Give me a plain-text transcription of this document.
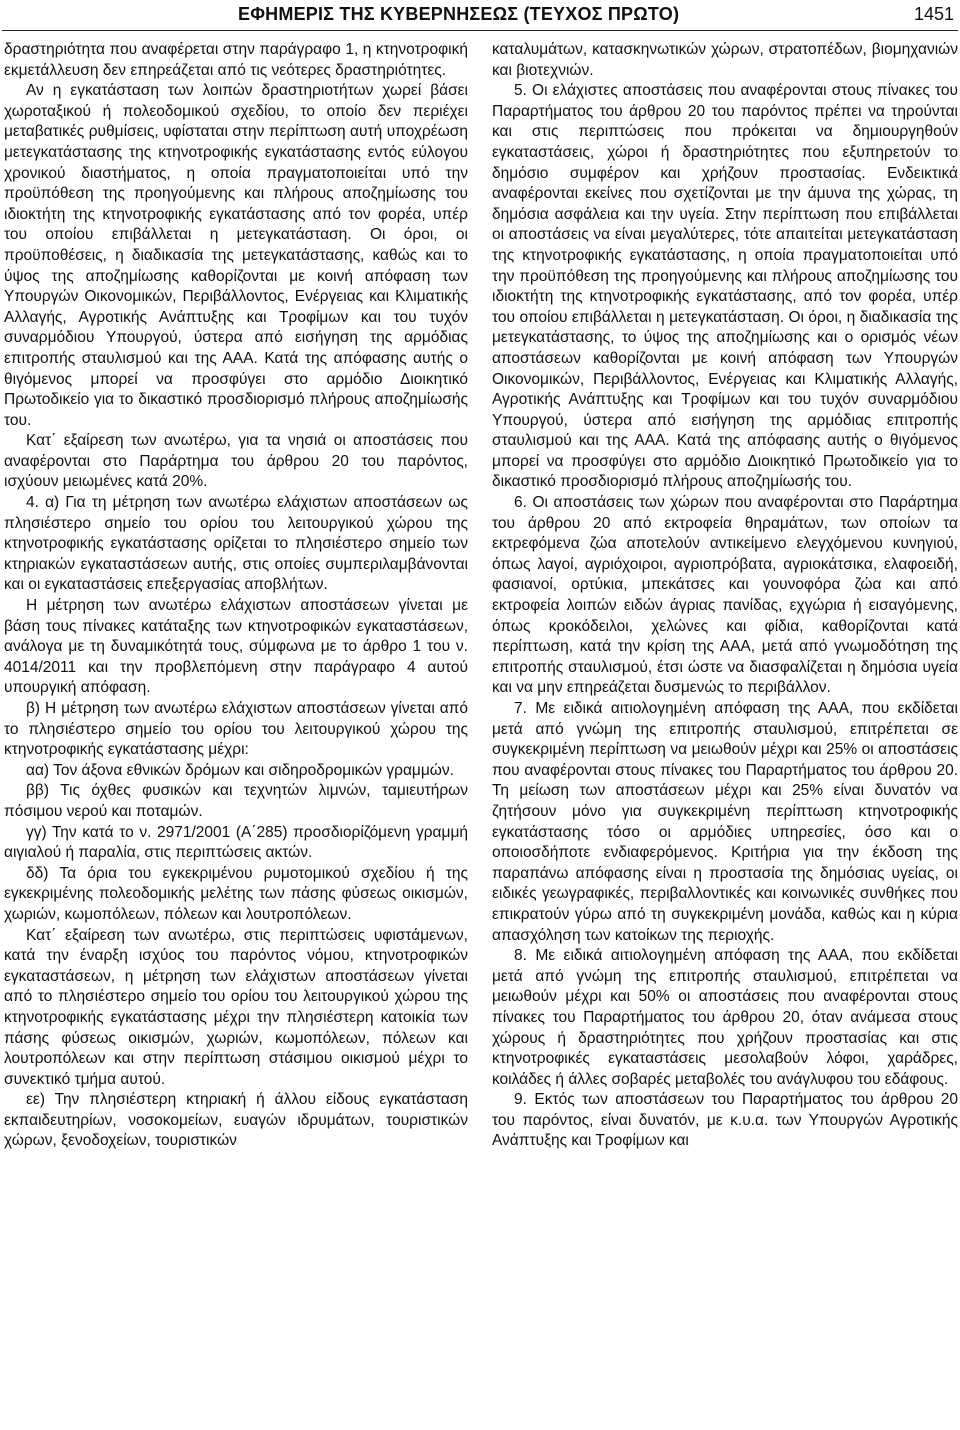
ΕΦΗΜΕΡΙΣ ΤΗΣ ΚΥΒΕΡΝΗΣΕΩΣ (ΤΕΥΧΟΣ ΠΡΩΤΟ)	1451

δραστηριότητα που αναφέρεται στην παράγραφο 1, η κτηνοτροφική εκμετάλλευση δεν επηρεάζεται από τις νεότερες δραστηριότητες.

Αν η εγκατάσταση των λοιπών δραστηριοτήτων χωρεί βάσει χωροταξικού ή πολεοδομικού σχεδίου, το οποίο δεν περιέχει μεταβατικές ρυθμίσεις, υφίσταται στην περίπτωση αυτή υποχρέωση μετεγκατάστασης της κτηνοτροφικής εγκατάστασης εντός εύλογου χρονικού διαστήματος, η οποία πραγματοποιείται υπό την προϋπόθεση της προηγούμενης και πλήρους αποζημίωσης του ιδιοκτήτη της κτηνοτροφικής εγκατάστασης από τον φορέα, υπέρ του οποίου επιβάλλεται η μετεγκατάσταση. Οι όροι, οι προϋποθέσεις, η διαδικασία της μετεγκατάστασης, καθώς και το ύψος της αποζημίωσης καθορίζονται με κοινή απόφαση των Υπουργών Οικονομικών, Περιβάλλοντος, Ενέργειας και Κλιματικής Αλλαγής, Αγροτικής Ανάπτυξης και Τροφίμων και του τυχόν συναρμόδιου Υπουργού, ύστερα από εισήγηση της αρμόδιας επιτροπής σταυλισμού και της ΑΑΑ. Κατά της απόφασης αυτής ο θιγόμενος μπορεί να προσφύγει στο αρμόδιο Διοικητικό Πρωτοδικείο για το δικαστικό προσδιορισμό πλήρους αποζημίωσής του.

Κατ΄ εξαίρεση των ανωτέρω, για τα νησιά οι αποστάσεις που αναφέρονται στο Παράρτημα του άρθρου 20 του παρόντος, ισχύουν μειωμένες κατά 20%.

4. α) Για τη μέτρηση των ανωτέρω ελάχιστων αποστάσεων ως πλησιέστερο σημείο του ορίου του λειτουργικού χώρου της κτηνοτροφικής εγκατάστασης ορίζεται το πλησιέστερο σημείο των κτηριακών εγκαταστάσεων αυτής, στις οποίες συμπεριλαμβάνονται και οι εγκαταστάσεις επεξεργασίας αποβλήτων.

Η μέτρηση των ανωτέρω ελάχιστων αποστάσεων γίνεται με βάση τους πίνακες κατάταξης των κτηνοτροφικών εγκαταστάσεων, ανάλογα με τη δυναμικότητά τους, σύμφωνα με το άρθρο 1 του ν. 4014/2011 και την προβλεπόμενη στην παράγραφο 4 αυτού υπουργική απόφαση.

β) Η μέτρηση των ανωτέρω ελάχιστων αποστάσεων γίνεται από το πλησιέστερο σημείο του ορίου του λειτουργικού χώρου της κτηνοτροφικής εγκατάστασης μέχρι:

αα) Τον άξονα εθνικών δρόμων και σιδηροδρομικών γραμμών.

ββ) Τις όχθες φυσικών και τεχνητών λιμνών, ταμιευτήρων πόσιμου νερού και ποταμών.

γγ) Την κατά το ν. 2971/2001 (Α΄285) προσδιορίζόμενη γραμμή αιγιαλού ή παραλία, στις περιπτώσεις ακτών.

δδ) Τα όρια του εγκεκριμένου ρυμοτομικού σχεδίου ή της εγκεκριμένης πολεοδομικής μελέτης των πάσης φύσεως οικισμών, χωριών, κωμοπόλεων, πόλεων και λουτροπόλεων.

Κατ΄ εξαίρεση των ανωτέρω, στις περιπτώσεις υφιστάμενων, κατά την έναρξη ισχύος του παρόντος νόμου, κτηνοτροφικών εγκαταστάσεων, η μέτρηση των ελάχιστων αποστάσεων γίνεται από το πλησιέστερο σημείο του ορίου του λειτουργικού χώρου της κτηνοτροφικής εγκατάστασης μέχρι την πλησιέστερη κατοικία των πάσης φύσεως οικισμών, χωριών, κωμοπόλεων, πόλεων και λουτροπόλεων και στην περίπτωση στάσιμου οικισμού μέχρι το συνεκτικό τμήμα αυτού.

εε) Την πλησιέστερη κτηριακή ή άλλου είδους εγκατάσταση εκπαιδευτηρίων, νοσοκομείων, ευαγών ιδρυμάτων, τουριστικών χώρων, ξενοδοχείων, τουριστικών

καταλυμάτων, κατασκηνωτικών χώρων, στρατοπέδων, βιομηχανιών και βιοτεχνιών.

5. Οι ελάχιστες αποστάσεις που αναφέρονται στους πίνακες του Παραρτήματος του άρθρου 20 του παρόντος πρέπει να τηρούνται και στις περιπτώσεις που πρόκειται να δημιουργηθούν εγκαταστάσεις, χώροι ή δραστηριότητες που εξυπηρετούν το δημόσιο συμφέρον και χρήζουν προστασίας. Ενδεικτικά αναφέρονται εκείνες που σχετίζονται με την άμυνα της χώρας, τη δημόσια ασφάλεια και την υγεία. Στην περίπτωση που επιβάλλεται οι αποστάσεις να είναι μεγαλύτερες, τότε απαιτείται μετεγκατάσταση της κτηνοτροφικής εγκατάστασης, η οποία πραγματοποιείται υπό την προϋπόθεση της προηγούμενης και πλήρους αποζημίωσης του ιδιοκτήτη της κτηνοτροφικής εγκατάστασης, από τον φορέα, υπέρ του οποίου επιβάλλεται η μετεγκατάσταση. Οι όροι, η διαδικασία της μετεγκατάστασης, το ύψος της αποζημίωσης και ο ορισμός νέων αποστάσεων καθορίζονται με κοινή απόφαση των Υπουργών Οικονομικών, Περιβάλλοντος, Ενέργειας και Κλιματικής Αλλαγής, Αγροτικής Ανάπτυξης και Τροφίμων και του τυχόν συναρμόδιου Υπουργού, ύστερα από εισήγηση της αρμόδιας επιτροπής σταυλισμού και της ΑΑΑ. Κατά της απόφασης αυτής ο θιγόμενος μπορεί να προσφύγει στο αρμόδιο Διοικητικό Πρωτοδικείο για το δικαστικό προσδιορισμό πλήρους αποζημίωσής του.

6. Οι αποστάσεις των χώρων που αναφέρονται στο Παράρτημα του άρθρου 20 από εκτροφεία θηραμάτων, των οποίων τα εκτρεφόμενα ζώα αποτελούν αντικείμενο ελεγχόμενου κυνηγιού, όπως λαγοί, αγριόχοιροι, αγριοπρόβατα, αγριοκάτσικα, ελαφοειδή, φασιανοί, ορτύκια, μπεκάτσες και γουνοφόρα ζώα και από εκτροφεία λοιπών ειδών άγριας πανίδας, εχγώρια ή εισαγόμενης, όπως κροκόδειλοι, χελώνες και φίδια, καθορίζονται κατά περίπτωση, κατά την κρίση της ΑΑΑ, μετά από γνωμοδότηση της επιτροπής σταυλισμού, έτσι ώστε να διασφαλίζεται η δημόσια υγεία και να μην επηρεάζεται δυσμενώς το περιβάλλον.

7. Με ειδικά αιτιολογημένη απόφαση της ΑΑΑ, που εκδίδεται μετά από γνώμη της επιτροπής σταυλισμού, επιτρέπεται σε συγκεκριμένη περίπτωση να μειωθούν μέχρι και 25% οι αποστάσεις που αναφέρονται στους πίνακες του Παραρτήματος του άρθρου 20. Τη μείωση των αποστάσεων μέχρι και 25% είναι δυνατόν να ζητήσουν μόνο για συγκεκριμένη περίπτωση κτηνοτροφικής εγκατάστασης τόσο οι αρμόδιες υπηρεσίες, όσο και ο οποιοσδήποτε ενδιαφερόμενος. Κριτήρια για την έκδοση της παραπάνω απόφασης είναι η προστασία της δημόσιας υγείας, οι ειδικές γεωγραφικές, περιβαλλοντικές και κοινωνικές συνθήκες που επικρατούν γύρω από τη συγκεκριμένη μονάδα, καθώς και η κύρια απασχόληση των κατοίκων της περιοχής.

8. Με ειδικά αιτιολογημένη απόφαση της ΑΑΑ, που εκδίδεται μετά από γνώμη της επιτροπής σταυλισμού, επιτρέπεται να μειωθούν μέχρι και 50% οι αποστάσεις που αναφέρονται στους πίνακες του Παραρτήματος του άρθρου 20, όταν ανάμεσα στους χώρους ή δραστηριότητες που χρήζουν προστασίας και στις κτηνοτροφικές εγκαταστάσεις μεσολαβούν λόφοι, χαράδρες, κοιλάδες ή άλλες σοβαρές μεταβολές του ανάγλυφου του εδάφους.

9. Εκτός των αποστάσεων του Παραρτήματος του άρθρου 20 του παρόντος, είναι δυνατόν, με κ.υ.α. των Υπουργών Αγροτικής Ανάπτυξης και Τροφίμων και
